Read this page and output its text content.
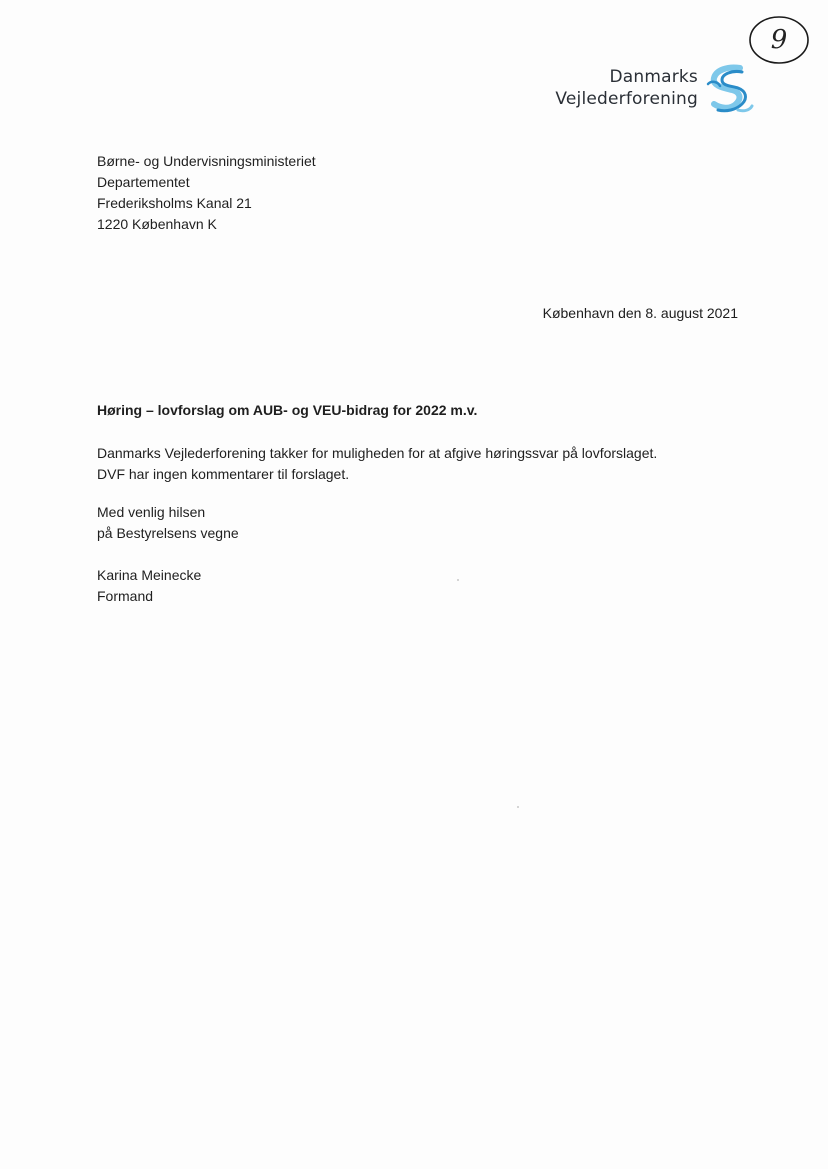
9
Danmarks
Vejlederforening
Børne- og Undervisningsministeriet
Departementet
Frederiksholms Kanal 21
1220 København K
København den 8. august 2021
Høring – lovforslag om AUB- og VEU-bidrag for 2022 m.v.
Danmarks Vejlederforening takker for muligheden for at afgive høringssvar på lovforslaget.
DVF har ingen kommentarer til forslaget.
Med venlig hilsen
på Bestyrelsens vegne
Karina Meinecke
Formand
